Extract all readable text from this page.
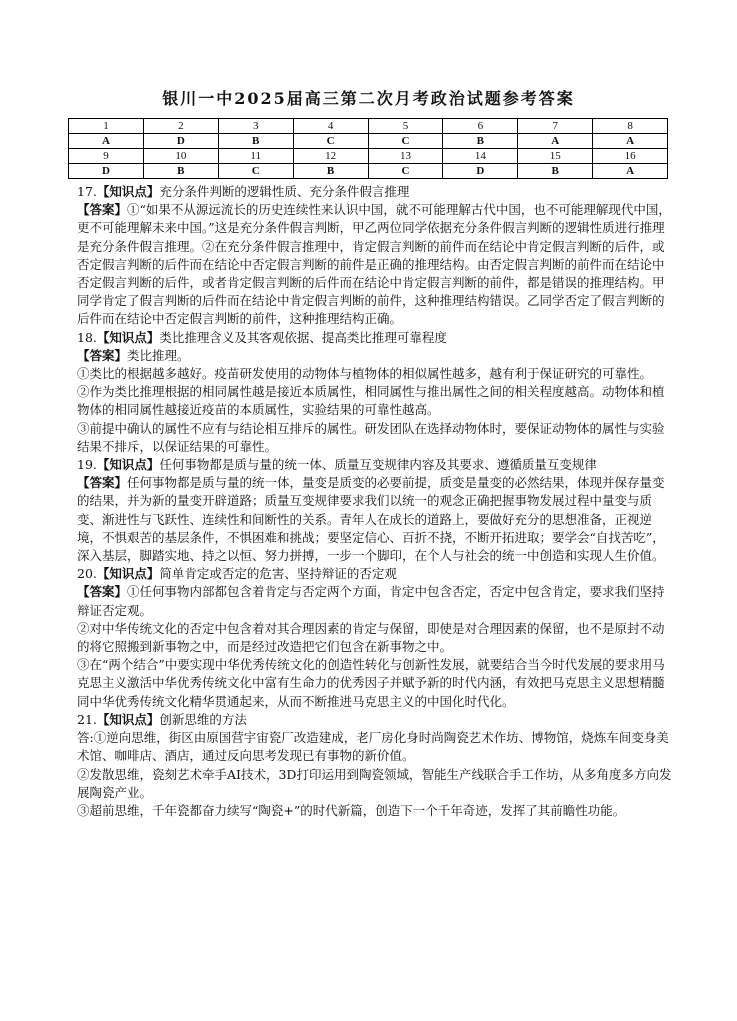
银川一中2025届高三第二次月考政治试题参考答案
1	2	3	4	5	6	7	8
A	D	B	C	C	B	A	A
9	10	11	12	13	14	15	16
D	B	C	B	C	D	B	A

17.【知识点】充分条件判断的逻辑性质、充分条件假言推理

【答案】①“如果不从源远流长的历史连续性来认识中国，就不可能理解古代中国，也不可能理解现代中国，更不可能理解未来中国。”这是充分条件假言判断，甲乙两位同学依据充分条件假言判断的逻辑性质进行推理是充分条件假言推理。②在充分条件假言推理中，肯定假言判断的前件而在结论中肯定假言判断的后件，或否定假言判断的后件而在结论中否定假言判断的前件是正确的推理结构。由否定假言判断的前件而在结论中否定假言判断的后件，或者肯定假言判断的后件而在结论中肯定假言判断的前件，都是错误的推理结构。甲同学肯定了假言判断的后件而在结论中肯定假言判断的前件，这种推理结构错误。乙同学否定了假言判断的后件而在结论中否定假言判断的前件，这种推理结构正确。

18.【知识点】类比推理含义及其客观依据、提高类比推理可靠程度

【答案】类比推理。

①类比的根据越多越好。疫苗研发使用的动物体与植物体的相似属性越多，越有利于保证研究的可靠性。

②作为类比推理根据的相同属性越是接近本质属性，相同属性与推出属性之间的相关程度越高。动物体和植物体的相同属性越接近疫苗的本质属性，实验结果的可靠性越高。

③前提中确认的属性不应有与结论相互排斥的属性。研发团队在选择动物体时，要保证动物体的属性与实验结果不排斥，以保证结果的可靠性。

19.【知识点】任何事物都是质与量的统一体、质量互变规律内容及其要求、遵循质量互变规律

【答案】任何事物都是质与量的统一体，量变是质变的必要前提，质变是量变的必然结果，体现并保存量变的结果，并为新的量变开辟道路；质量互变规律要求我们以统一的观念正确把握事物发展过程中量变与质变、渐进性与飞跃性、连续性和间断性的关系。青年人在成长的道路上，要做好充分的思想准备，正视逆境，不惧艰苦的基层条件，不惧困难和挑战；要坚定信心、百折不挠，不断开拓进取；要学会“自找苦吃”，深入基层，脚踏实地、持之以恒、努力拼搏，一步一个脚印，在个人与社会的统一中创造和实现人生价值。

20.【知识点】简单肯定或否定的危害、坚持辩证的否定观

【答案】①任何事物内部都包含着肯定与否定两个方面，肯定中包含否定，否定中包含肯定，要求我们坚持辩证否定观。

②对中华传统文化的否定中包含着对其合理因素的肯定与保留，即使是对合理因素的保留，也不是原封不动的将它照搬到新事物之中，而是经过改造把它们包含在新事物之中。

③在“两个结合”中要实现中华优秀传统文化的创造性转化与创新性发展，就要结合当今时代发展的要求用马克思主义激活中华优秀传统文化中富有生命力的优秀因子并赋予新的时代内涵，有效把马克思主义思想精髓同中华优秀传统文化精华贯通起来，从而不断推进马克思主义的中国化时代化。

21.【知识点】创新思维的方法

答:①逆向思维，街区由原国营宇宙瓷厂改造建成，老厂房化身时尚陶瓷艺术作坊、博物馆，烧炼车间变身美术馆、咖啡店、酒店，通过反向思考发现已有事物的新价值。

②发散思维，瓷刻艺术牵手AI技术，3D打印运用到陶瓷领域，智能生产线联合手工作坊，从多角度多方向发展陶瓷产业。

③超前思维，千年瓷都奋力续写“陶瓷+”的时代新篇，创造下一个千年奇迹，发挥了其前瞻性功能。
